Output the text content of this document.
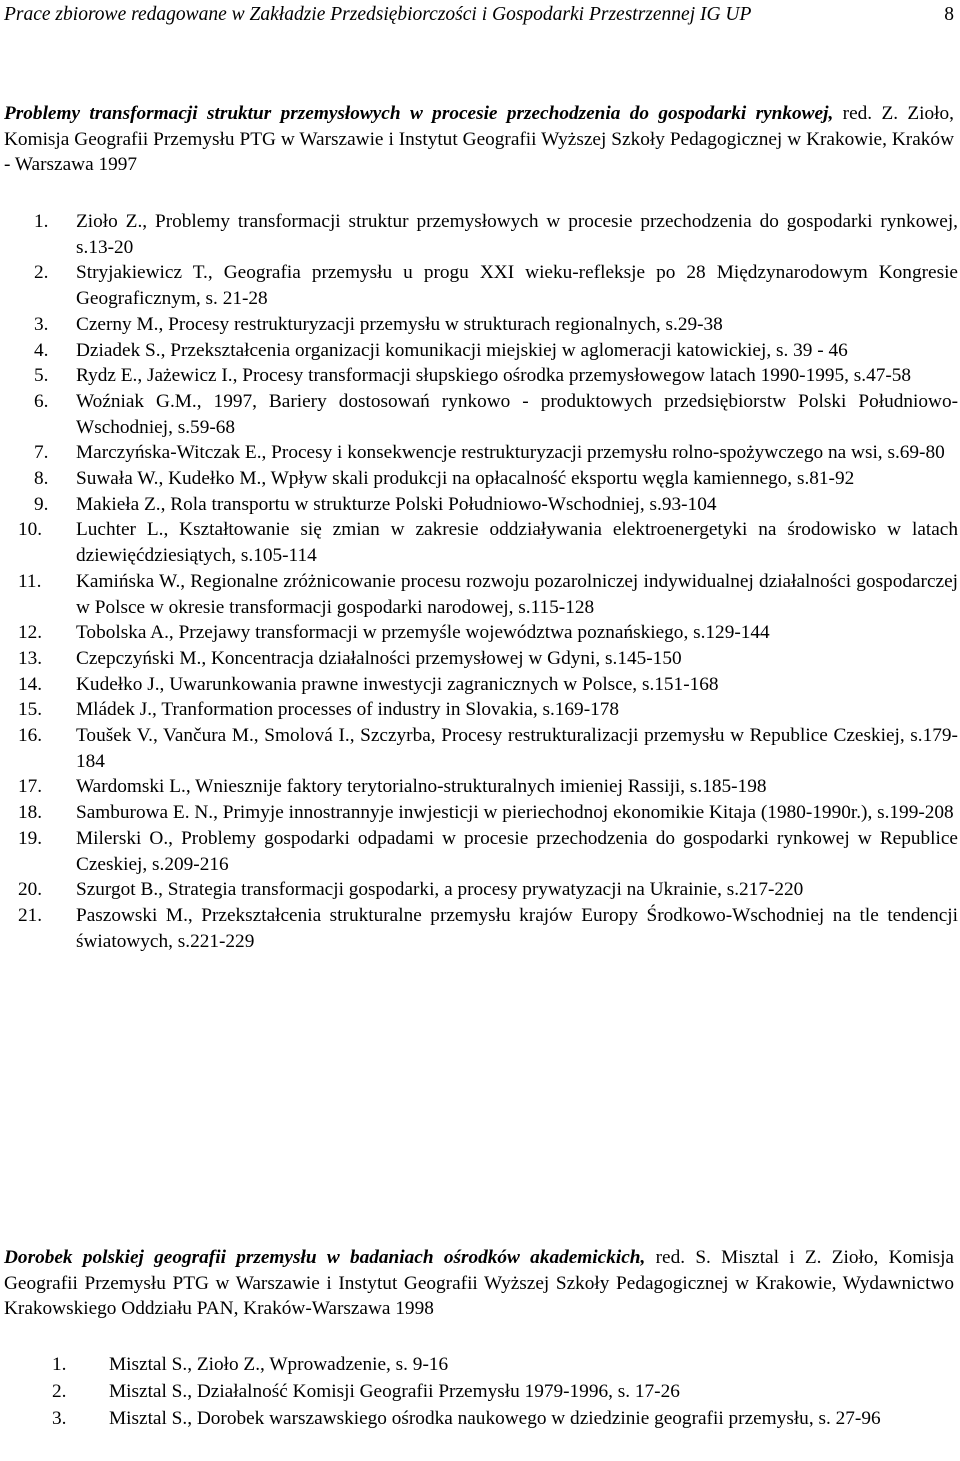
Prace zbiorowe redagowane w Zakładzie Przedsiębiorczości i Gospodarki Przestrzennej IG UP	8
Problemy transformacji struktur przemysłowych w procesie przechodzenia do gospodarki rynkowej, red. Z. Zioło, Komisja Geografii Przemysłu PTG w Warszawie i Instytut Geografii Wyższej Szkoły Pedagogicznej w Krakowie, Kraków - Warszawa 1997
1. Zioło Z., Problemy transformacji struktur przemysłowych w procesie przechodzenia do gospodarki rynkowej, s.13-20
2. Stryjakiewicz T., Geografia przemysłu u progu XXI wieku-refleksje po 28 Międzynarodowym Kongresie Geograficznym, s. 21-28
3. Czerny M., Procesy restrukturyzacji przemysłu w strukturach regionalnych, s.29-38
4. Dziadek S., Przekształcenia organizacji komunikacji miejskiej w aglomeracji katowickiej, s. 39 - 46
5. Rydz E., Jażewicz I., Procesy transformacji słupskiego ośrodka przemysłowegow latach 1990-1995, s.47-58
6. Woźniak G.M., 1997, Bariery dostosowań rynkowo - produktowych przedsiębiorstw Polski Południowo-Wschodniej, s.59-68
7. Marczyńska-Witczak E., Procesy i konsekwencje restrukturyzacji przemysłu rolno-spożywczego na wsi, s.69-80
8. Suwała W., Kudełko M., Wpływ skali produkcji na opłacalność eksportu węgla kamiennego, s.81-92
9. Makieła Z., Rola transportu w strukturze Polski Południowo-Wschodniej, s.93-104
10. Luchter L., Kształtowanie się zmian w zakresie oddziaływania elektroenergetyki na środowisko w latach dziewięćdziesiątych, s.105-114
11. Kamińska W., Regionalne zróżnicowanie procesu rozwoju pozarolniczej indywidualnej działalności gospodarczej w Polsce w okresie transformacji gospodarki narodowej, s.115-128
12. Tobolska A., Przejawy transformacji w przemyśle województwa poznańskiego, s.129-144
13. Czepczyński M., Koncentracja działalności przemysłowej w Gdyni, s.145-150
14. Kudełko J., Uwarunkowania prawne inwestycji zagranicznych w Polsce, s.151-168
15. Mládek J., Tranformation processes of industry in Slovakia, s.169-178
16. Toušek V., Vančura M., Smolová I., Szczyrba, Procesy restrukturalizacji przemysłu w Republice Czeskiej, s.179-184
17. Wardomski L., Wniesznije faktory terytorialno-strukturalnych imieniej Rassiji, s.185-198
18. Samburowa E. N., Primyje innostrannyje inwjesticji w pieriechodnoj ekonomikie Kitaja (1980-1990r.), s.199-208
19. Milerski O., Problemy gospodarki odpadami w procesie przechodzenia do gospodarki rynkowej w Republice Czeskiej, s.209-216
20. Szurgot B., Strategia transformacji gospodarki, a procesy prywatyzacji na Ukrainie, s.217-220
21. Paszowski M., Przekształcenia strukturalne przemysłu krajów Europy Środkowo-Wschodniej na tle tendencji światowych, s.221-229
Dorobek polskiej geografii przemysłu w badaniach ośrodków akademickich, red. S. Misztal i Z. Zioło, Komisja Geografii Przemysłu PTG w Warszawie i Instytut Geografii Wyższej Szkoły Pedagogicznej w Krakowie, Wydawnictwo Krakowskiego Oddziału PAN, Kraków-Warszawa 1998
1. Misztal S., Zioło Z., Wprowadzenie, s. 9-16
2. Misztal S., Działalność Komisji Geografii Przemysłu 1979-1996, s. 17-26
3. Misztal S., Dorobek warszawskiego ośrodka naukowego w dziedzinie geografii przemysłu, s. 27-96
